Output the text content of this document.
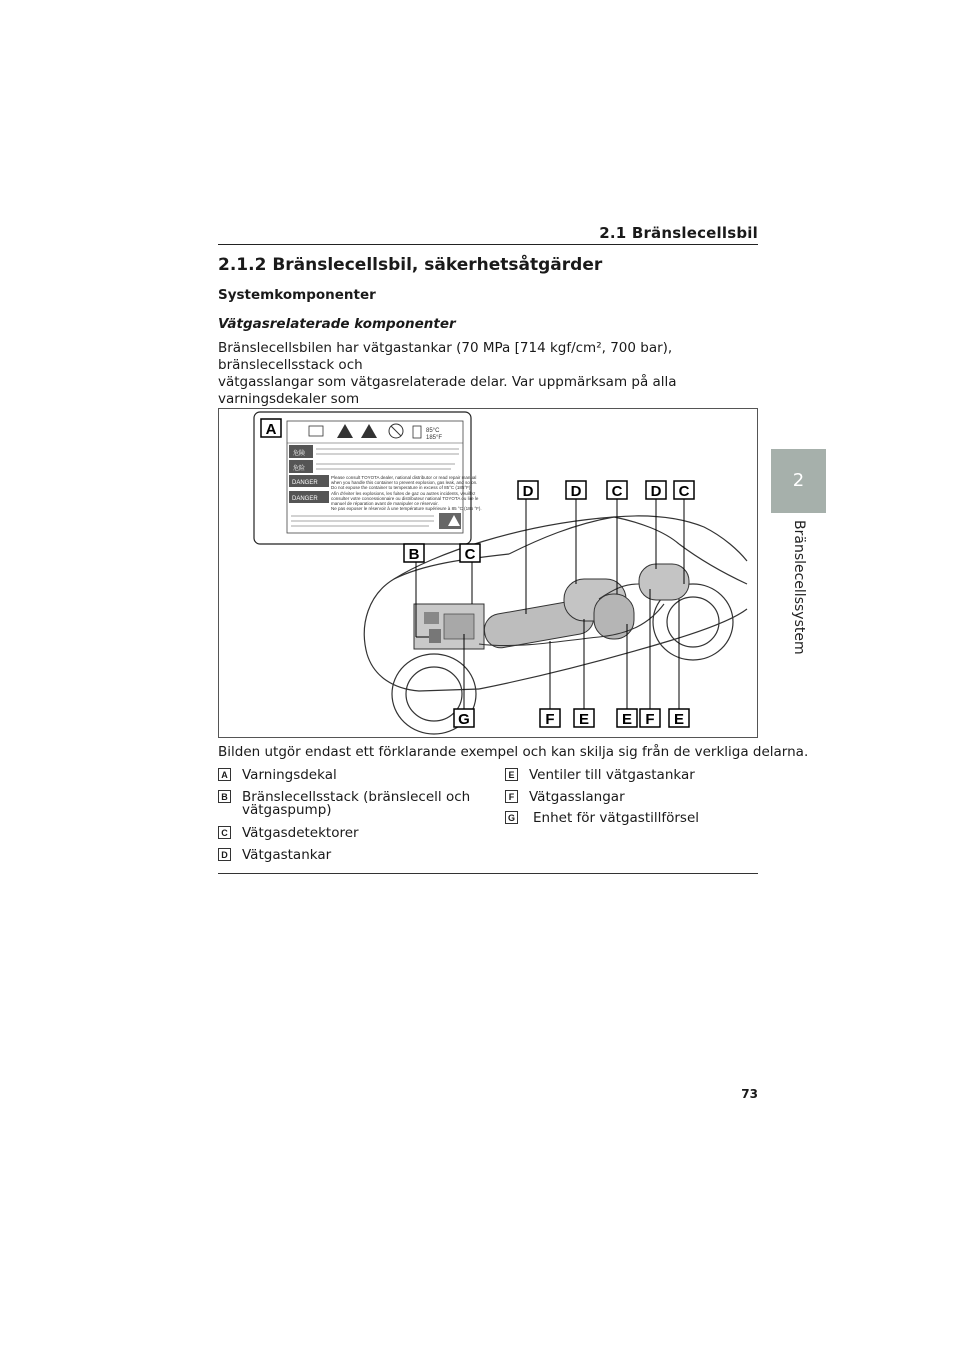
2.1 Bränslecellsbil
2
Bränslecellssystem
2.1.2 Bränslecellsbil, säkerhetsåtgärder
Systemkomponenter
Vätgasrelaterade komponenter
Bränslecellsbilen har vätgastankar (70 MPa [714 kgf/cm², 700 bar), bränslecellsstack och
vätgasslangar som vätgasrelaterade delar. Var uppmärksam på alla varningsdekaler som
85°C
185°F
危険
危险
DANGER
Please consult TOYOTA dealer, national distributor or read repair manual
when you handle this container to prevent explosion, gas leak, and so on.
Do not expose the container to temperature in excess of 85°C (185°F).
DANGER
Afin d'éviter les explosions, les fuites de gaz ou autres incidents, veuillez
consulter votre concessionnaire ou distributeur national TOYOTA ou lire le
manuel de réparation avant de manipuler ce réservoir.
Ne pas exposer le réservoir à une température supérieure à 85 °C (185 °F).
A
B	C
D D C D C
G	F E E F E
Bilden utgör endast ett förklarande exempel och kan skilja sig från de verkliga delarna.
A Varningsdekal
B Bränslecellsstack (bränslecell och
vätgaspump)
C Vätgasdetektorer
D Vätgastankar
E Ventiler till vätgastankar
F Vätgasslangar
G Enhet för vätgastillförsel
73
